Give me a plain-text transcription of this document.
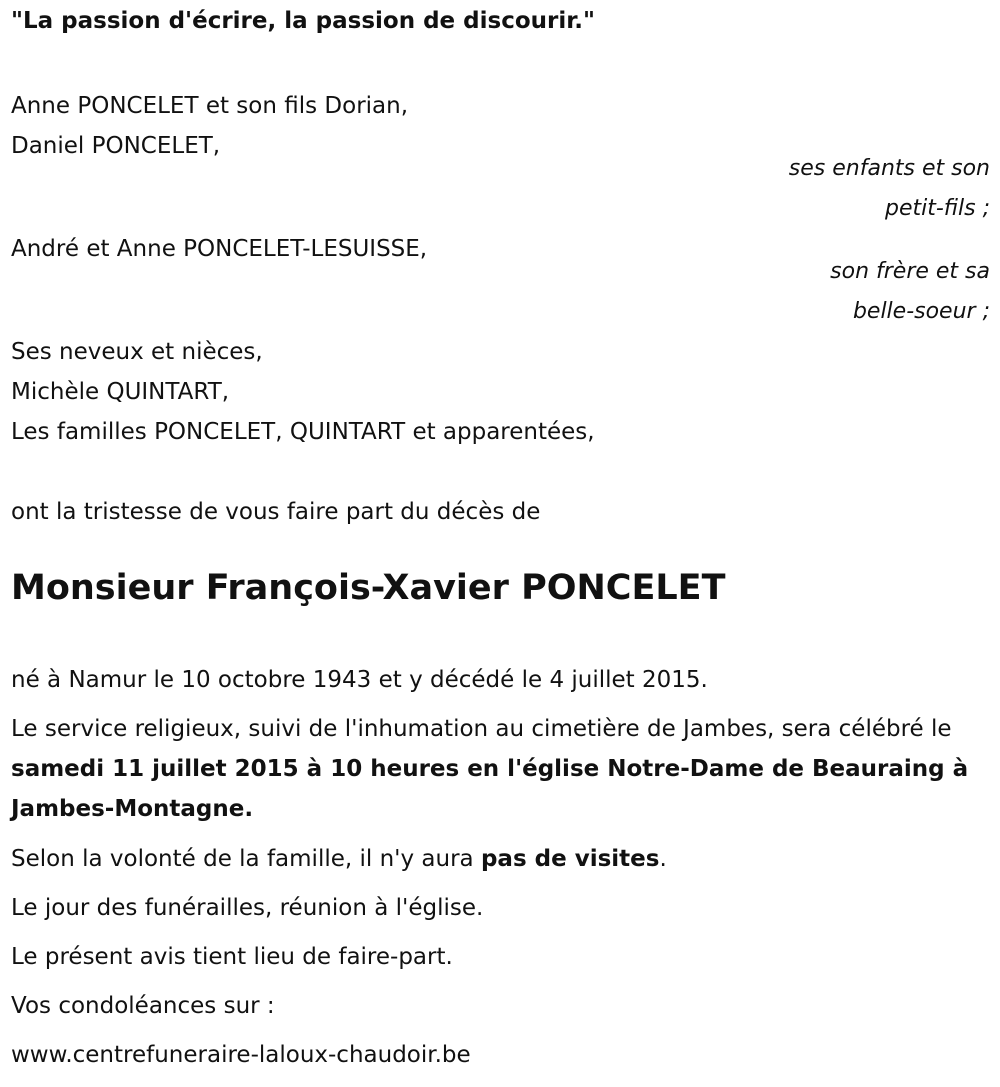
"La passion d'écrire, la passion de discourir."
Anne PONCELET et son fils Dorian,
Daniel PONCELET,
ses enfants et son
petit-fils ;
André et Anne PONCELET-LESUISSE,
son frère et sa
belle-soeur ;
Ses neveux et nièces,
Michèle QUINTART,
Les familles PONCELET, QUINTART et apparentées,
ont la tristesse de vous faire part du décès de
Monsieur François-Xavier PONCELET
né à Namur le 10 octobre 1943 et y décédé le 4 juillet 2015.
Le service religieux, suivi de l'inhumation au cimetière de Jambes, sera célébré le samedi 11 juillet 2015 à 10 heures en l'église Notre-Dame de Beauraing à Jambes-Montagne.
Selon la volonté de la famille, il n'y aura pas de visites.
Le jour des funérailles, réunion à l'église.
Le présent avis tient lieu de faire-part.
Vos condoléances sur :
www.centrefuneraire-laloux-chaudoir.be
